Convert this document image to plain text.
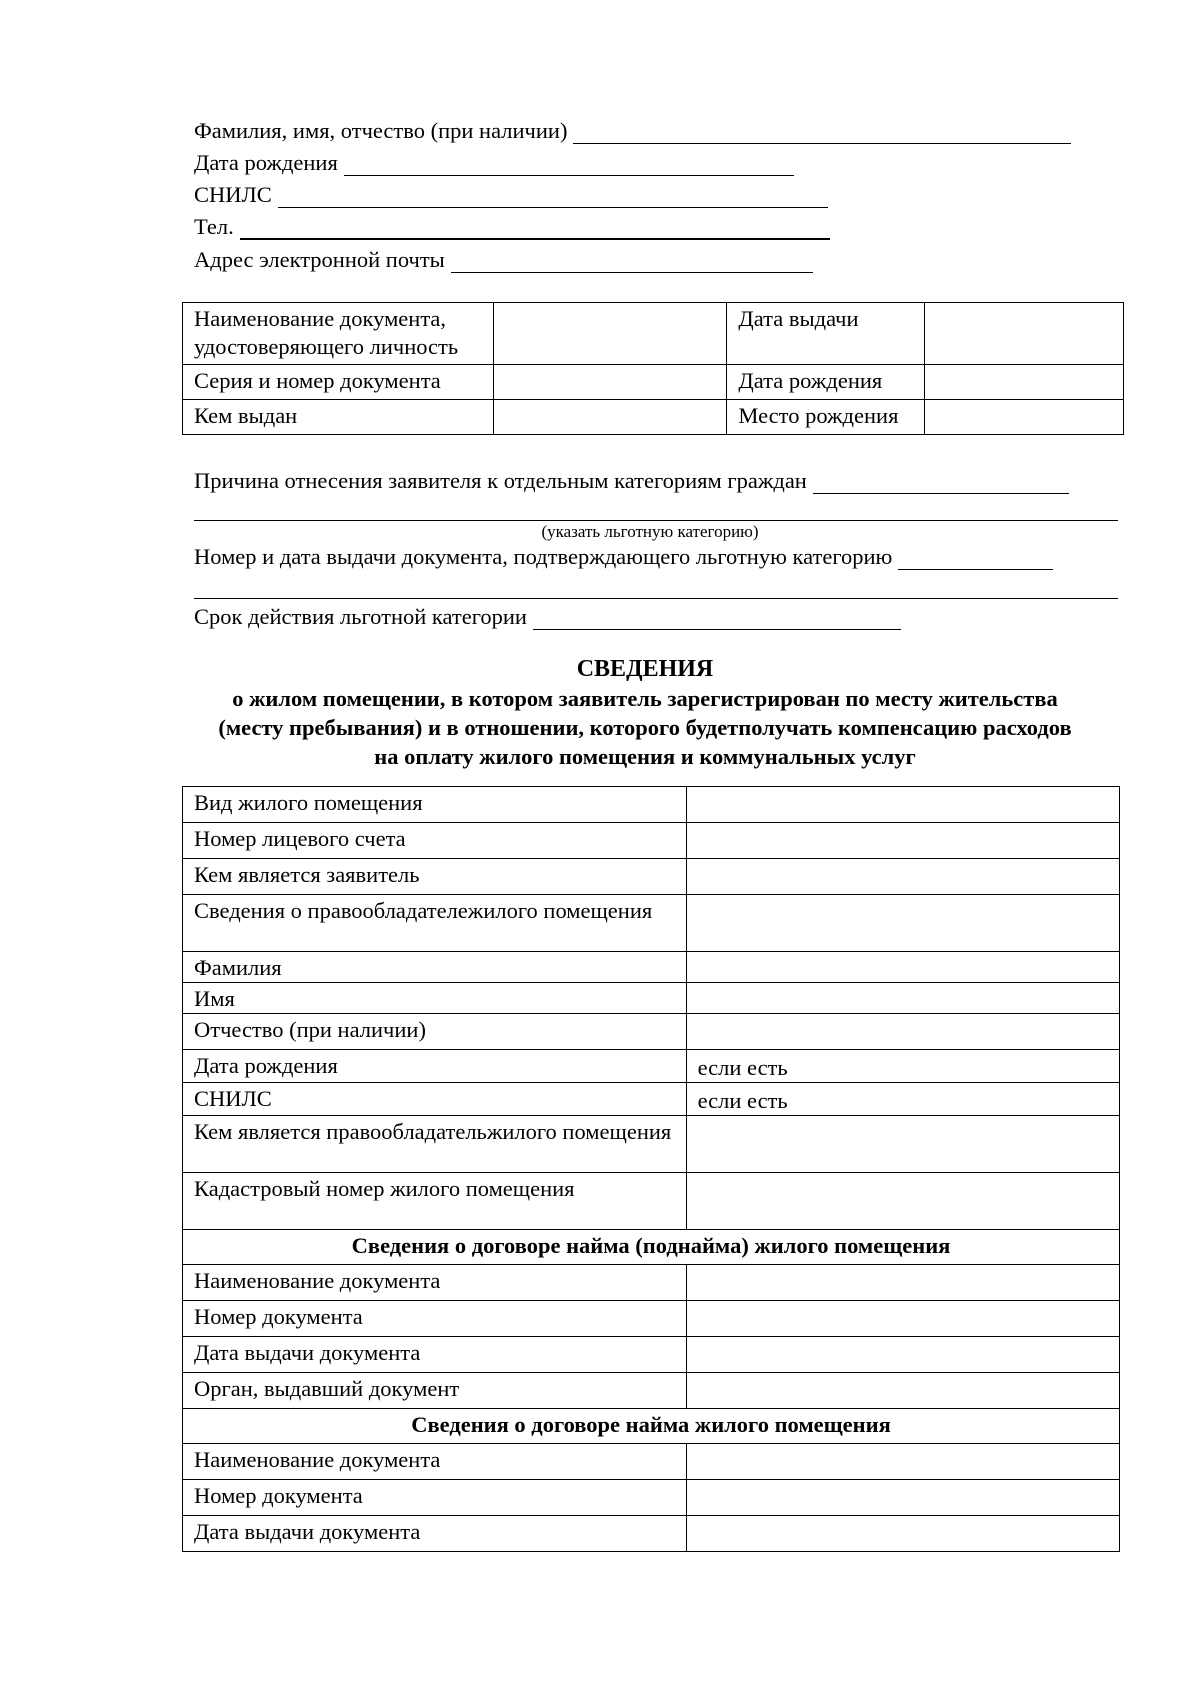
Фамилия, имя, отчество (при наличии)
Дата рождения
СНИЛС
Тел.
Адрес электронной почты
Наименование документа, удостоверяющего личность		Дата выдачи	
Серия и номер документа		Дата рождения	
Кем выдан		Место рождения	
Причина отнесения заявителя к отдельным категориям граждан
(указать льготную категорию)
Номер и дата выдачи документа, подтверждающего льготную категорию
Срок действия льготной категории
СВЕДЕНИЯ
о жилом помещении, в котором заявитель зарегистрирован по месту жительства
(месту пребывания) и в отношении, которого будетполучать компенсацию расходов
на оплату жилого помещения и коммунальных услуг
Вид жилого помещения	
Номер лицевого счета	
Кем является заявитель	
Сведения о правообладатележилого помещения	
Фамилия	
Имя	
Отчество (при наличии)	
Дата рождения	если есть
СНИЛС	если есть
Кем является правообладательжилого помещения	
Кадастровый номер жилого помещения	
Сведения о договоре найма (поднайма) жилого помещения	
Наименование документа	
Номер документа	
Дата выдачи документа	
Орган, выдавший документ	
Сведения о договоре найма жилого помещения	
Наименование документа	
Номер документа	
Дата выдачи документа	
